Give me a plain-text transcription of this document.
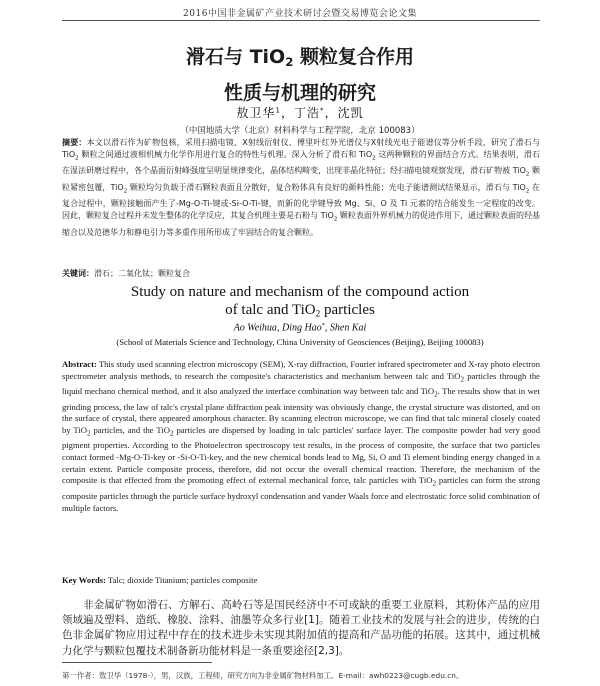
2016中国非金属矿产业技术研讨会暨交易博览会论文集
滑石与 TiO$_2$ 颗粒复合作用
性质与机理的研究
敖卫华$^1$，丁浩*，沈凯
（中国地质大学（北京）材料科学与工程学院，北京 100083）
摘要：本文以滑石作为矿物包核，采用扫描电镜、X射线衍射仪、傅里叶红外光谱仪与X射线光电子能谱仪等分析手段，研究了滑石与 TiO$_2$ 颗粒之间通过液相机械力化学作用进行复合的特性与机理。深入分析了滑石和 TiO$_2$ 这两种颗粒的界面结合方式。结果表明，滑石在湿法研磨过程中，各个晶面衍射峰强度呈明显规律变化，晶体结构畸变，出现非晶化特征；经扫描电镜观察发现，滑石矿物被 TiO$_2$ 颗粒紧密包覆，TiO$_2$ 颗粒均匀负载于滑石颗粒表面且分散好，复合粉体具有良好的颜料性能；光电子能谱测试结果显示，滑石与 TiO$_2$ 在复合过程中，颗粒接触面产生了-Mg-O-Ti-键或-Si-O-Ti-键，而新的化学键导致 Mg、Si、O 及 Ti 元素的结合能发生一定程度的改变。因此，颗粒复合过程并未发生整体的化学反应，其复合机理主要是石粉与 TiO$_2$ 颗粒表面外界机械力的促进作用下，通过颗粒表面的羟基缩合以及范德华力和静电引力等多重作用所形成了牢固结合的复合颗粒。
关键词：滑石；二氧化钛；颗粒复合
Study on nature and mechanism of the compound action
of talc and TiO$_2$ particles
Ao Weihua, Ding Hao*, Shen Kai
(School of Materials Science and Technology, China University of Geosciences (Beijing), Beijing 100083)
Abstract: This study used scanning electron microscopy (SEM), X-ray diffraction, Fourier infrared spectrometer and X-ray photo electron spectrometer analysis methods, to research the composite's characteristics and mechanism between talc and TiO$_2$ particles through the liquid mechano chemical method, and it also analyzed the interface combination way between talc and TiO$_2$. The results show that in wet grinding process, the law of talc's crystal plane diffraction peak intensity was obviously change, the crystal structure was distorted, and on the surface of crystal, there appeared amorphous character. By scanning electron microscope, we can find that talc mineral closely coated by TiO$_2$ particles, and the TiO$_2$ particles are dispersed by loading in talc particles' surface layer. The composite powder had very good pigment properties. According to the Photoelectron spectroscopy test results, in the process of composite, the surface that two particles contact formed -Mg-O-Ti-key or -Si-O-Ti-key, and the new chemical bonds lead to Mg, Si, O and Ti element binding energy changed in a certain extent. Particle composite process, therefore, did not occur the overall chemical reaction. Therefore, the mechanism of the composite is that effected from the promoting effect of external mechanical force, talc particles with TiO$_2$ particles can form the strong composite particles through the particle surface hydroxyl condensation and vander Waals force and electrostatic force solid combination of multiple factors.
Key Words: Talc; dioxide Titanium; particles composite
非金属矿物如滑石、方解石、高岭石等是国民经济中不可或缺的重要工业原料，其粉体产品的应用领域遍及塑料、造纸、橡胶、涂料、油墨等众多行业[1]。随着工业技术的发展与社会的进步，传统的白色非金属矿物应用过程中存在的技术进步未实现其附加值的提高和产品功能的拓展。这其中，通过机械力化学与颗粒包覆技术制备新功能材料是一条重要途径[2,3]。
第一作者：敖卫华（1978-），男，汉族，工程师，研究方向为非金属矿物材料加工。E-mail：awh0223@cugb.edu.cn。
